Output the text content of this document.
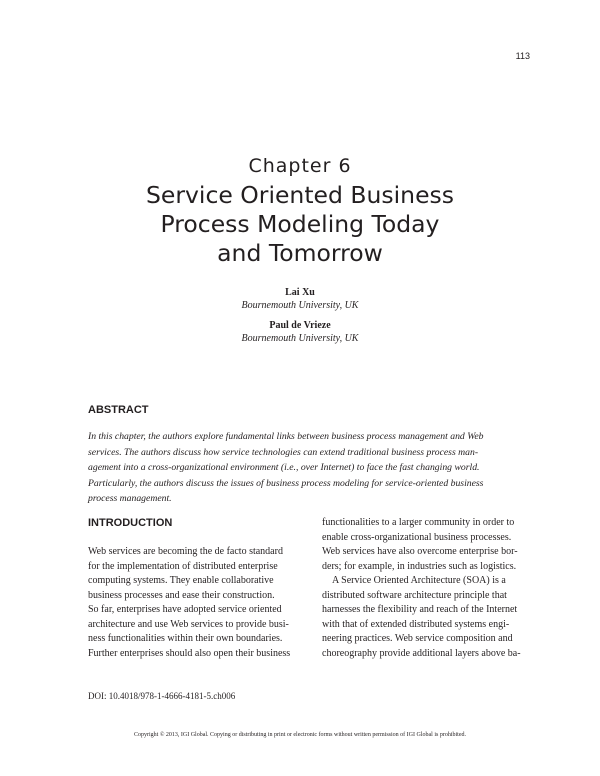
113
Chapter 6
Service Oriented Business
Process Modeling Today
and Tomorrow
Lai Xu
Bournemouth University, UK
Paul de Vrieze
Bournemouth University, UK
ABSTRACT
In this chapter, the authors explore fundamental links between business process management and Web
services. The authors discuss how service technologies can extend traditional business process man-
agement into a cross-organizational environment (i.e., over Internet) to face the fast changing world.
Particularly, the authors discuss the issues of business process modeling for service-oriented business
process management.
INTRODUCTION
Web services are becoming the de facto standard
for the implementation of distributed enterprise
computing systems. They enable collaborative
business processes and ease their construction.
So far, enterprises have adopted service oriented
architecture and use Web services to provide busi-
ness functionalities within their own boundaries.
Further enterprises should also open their business
functionalities to a larger community in order to
enable cross-organizational business processes.
Web services have also overcome enterprise bor-
ders; for example, in industries such as logistics.
A Service Oriented Architecture (SOA) is a
distributed software architecture principle that
harnesses the flexibility and reach of the Internet
with that of extended distributed systems engi-
neering practices. Web service composition and
choreography provide additional layers above ba-
DOI: 10.4018/978-1-4666-4181-5.ch006
Copyright © 2013, IGI Global. Copying or distributing in print or electronic forms without written permission of IGI Global is prohibited.
